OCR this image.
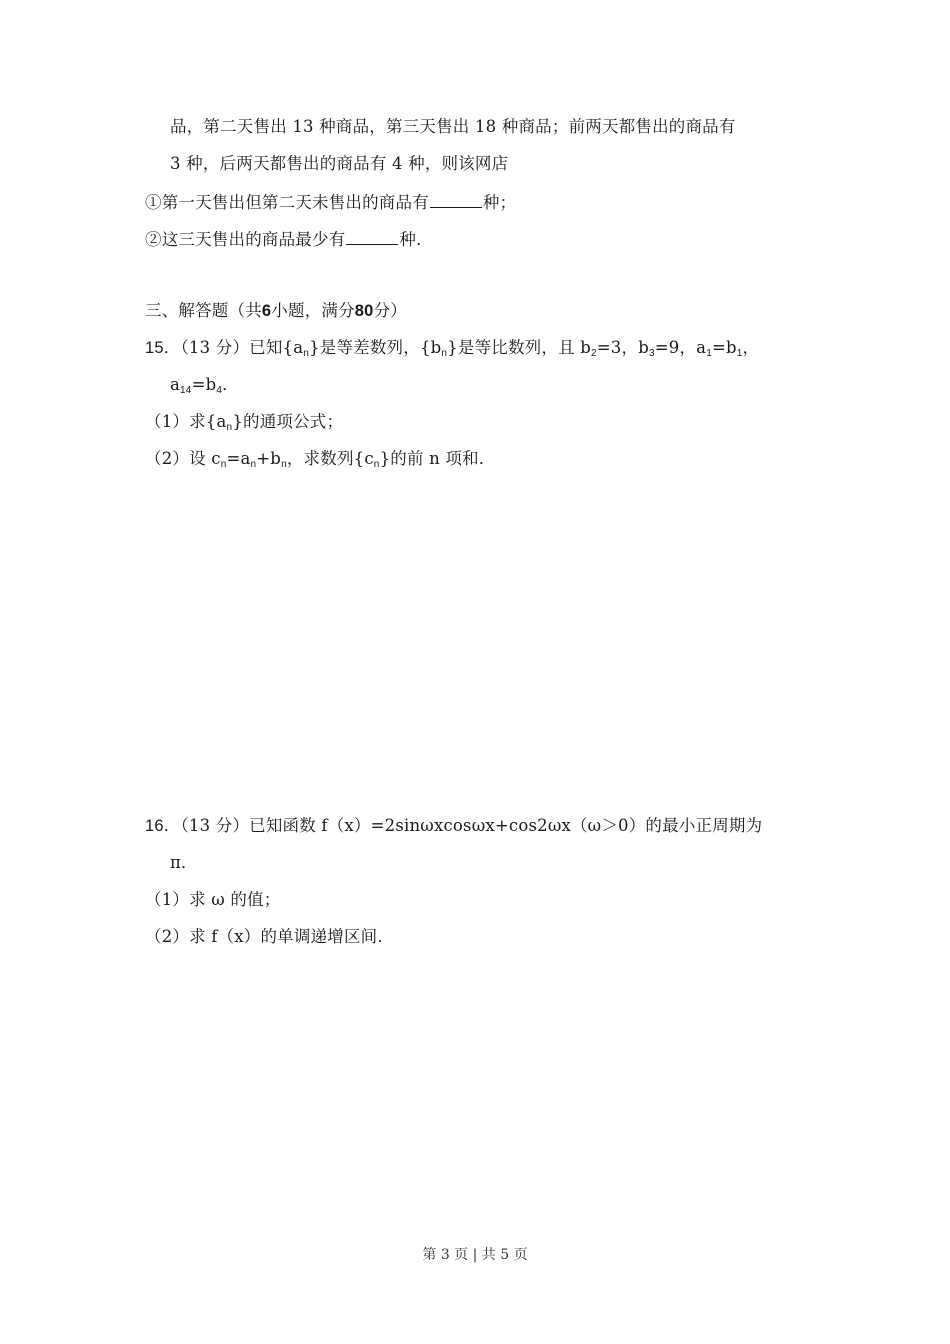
品，第二天售出 13 种商品，第三天售出 18 种商品；前两天都售出的商品有
3 种，后两天都售出的商品有 4 种，则该网店
①第一天售出但第二天未售出的商品有	种；
②这三天售出的商品最少有	种．
三、解答题（共6小题，满分80分）
15．（13 分）已知$\{a_n\}$是等差数列，$\{b_n\}$是等比数列，且 $b_2=3$，$b_3=9$，$a_1=b_1$，
$a_{14}=b_4$．
（1）求$\{a_n\}$的通项公式；
（2）设 $c_n=a_n+b_n$，求数列$\{c_n\}$的前 n 项和．
16．（13 分）已知函数 f（x）=2sinωxcosωx+cos2ωx（ω＞0）的最小正周期为
π．
（1）求 ω 的值；
（2）求 f（x）的单调递增区间．
第 3 页 | 共 5 页
